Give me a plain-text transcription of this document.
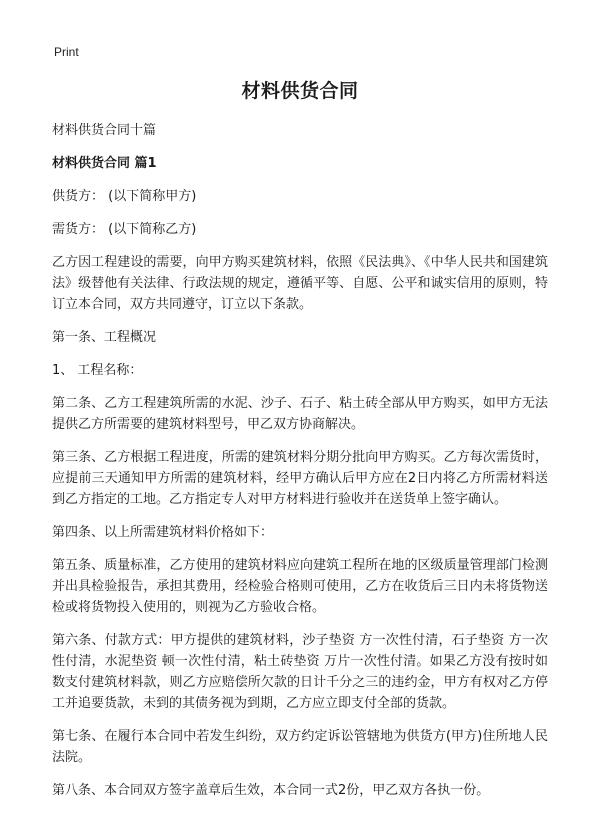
Print
材料供货合同

材料供货合同十篇

材料供货合同 篇1

供货方： (以下简称甲方)

需货方： (以下简称乙方)

乙方因工程建设的需要，向甲方购买建筑材料，依照《民法典》、《中华人民共和国建筑法》级替他有关法律、行政法规的规定，遵循平等、自愿、公平和诚实信用的原则，特订立本合同，双方共同遵守，订立以下条款。

第一条、工程概况

1、 工程名称：

第二条、乙方工程建筑所需的水泥、沙子、石子、粘土砖全部从甲方购买，如甲方无法提供乙方所需要的建筑材料型号，甲乙双方协商解决。

第三条、乙方根据工程进度，所需的建筑材料分期分批向甲方购买。乙方每次需货时，应提前三天通知甲方所需的建筑材料，经甲方确认后甲方应在2日内将乙方所需材料送到乙方指定的工地。乙方指定专人对甲方材料进行验收并在送货单上签字确认。

第四条、以上所需建筑材料价格如下：

第五条、质量标准，乙方使用的建筑材料应向建筑工程所在地的区级质量管理部门检测并出具检验报告，承担其费用，经检验合格则可使用，乙方在收货后三日内未将货物送检或将货物投入使用的，则视为乙方验收合格。

第六条、付款方式：甲方提供的建筑材料，沙子垫资 方一次性付清，石子垫资 方一次性付清，水泥垫资 顿一次性付清，粘土砖垫资 万片一次性付清。如果乙方没有按时如数支付建筑材料款，则乙方应赔偿所欠款的日计千分之三的违约金，甲方有权对乙方停工并追要货款，未到的其债务视为到期，乙方应立即支付全部的货款。

第七条、在履行本合同中若发生纠纷，双方约定诉讼管辖地为供货方(甲方)住所地人民法院。

第八条、本合同双方签字盖章后生效，本合同一式2份，甲乙双方各执一份。
